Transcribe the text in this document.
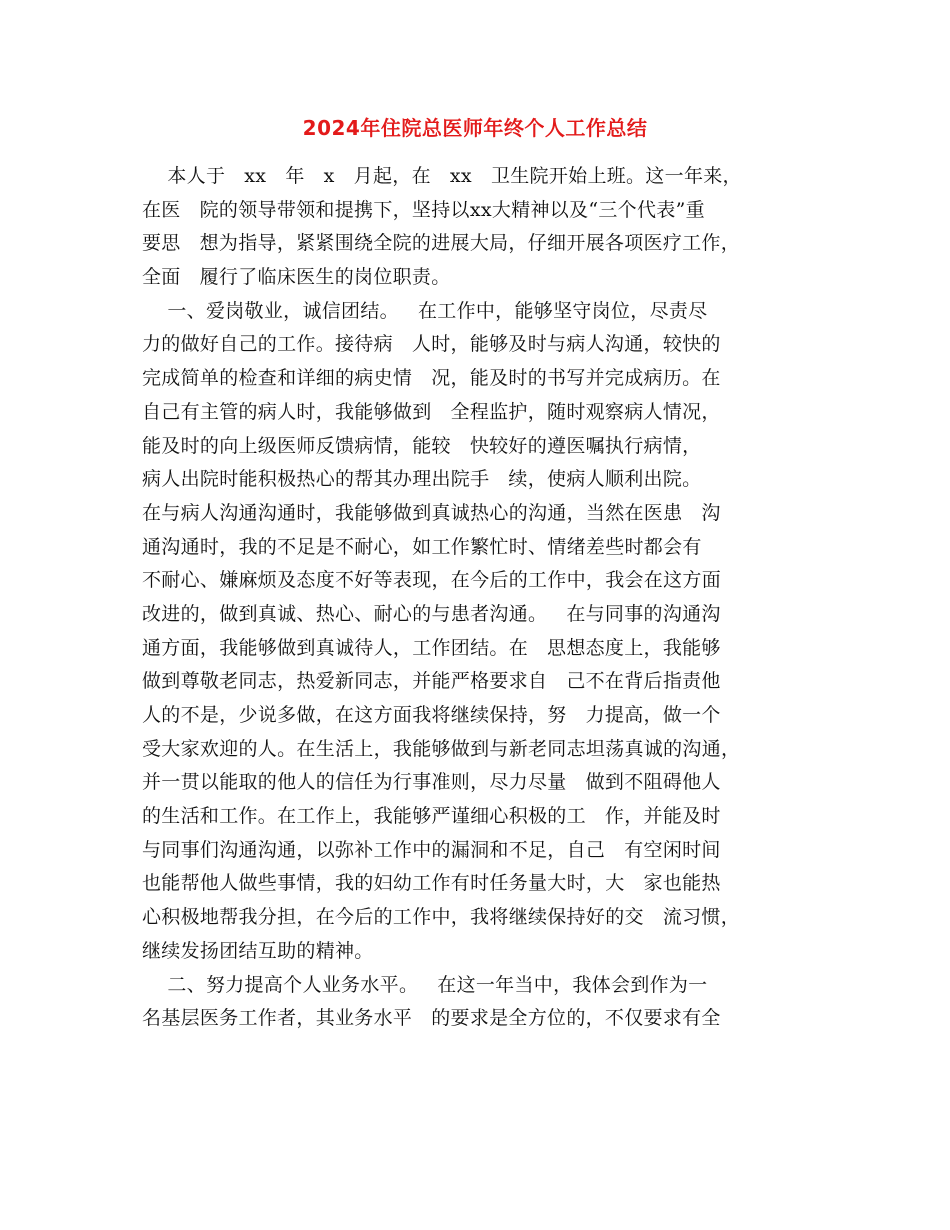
2024年住院总医师年终个人工作总结
本人于   xx   年   x   月起，在   xx   卫生院开始上班。这一年来，
在医   院的领导带领和提携下，坚持以xx大精神以及“三个代表”重
要思   想为指导，紧紧围绕全院的进展大局，仔细开展各项医疗工作，
全面   履行了临床医生的岗位职责。
一、爱岗敬业，诚信团结。   在工作中，能够坚守岗位，尽责尽
力的做好自己的工作。接待病   人时，能够及时与病人沟通，较快的
完成简单的检查和详细的病史情   况，能及时的书写并完成病历。在
自己有主管的病人时，我能够做到   全程监护，随时观察病人情况，
能及时的向上级医师反馈病情，能较   快较好的遵医嘱执行病情，
病人出院时能积极热心的帮其办理出院手   续，使病人顺利出院。
在与病人沟通沟通时，我能够做到真诚热心的沟通，当然在医患   沟
通沟通时，我的不足是不耐心，如工作繁忙时、情绪差些时都会有
不耐心、嫌麻烦及态度不好等表现，在今后的工作中，我会在这方面
改进的，做到真诚、热心、耐心的与患者沟通。   在与同事的沟通沟
通方面，我能够做到真诚待人，工作团结。在   思想态度上，我能够
做到尊敬老同志，热爱新同志，并能严格要求自   己不在背后指责他
人的不是，少说多做，在这方面我将继续保持，努   力提高，做一个
受大家欢迎的人。在生活上，我能够做到与新老同志坦荡真诚的沟通，
并一贯以能取的他人的信任为行事准则，尽力尽量   做到不阻碍他人
的生活和工作。在工作上，我能够严谨细心积极的工   作，并能及时
与同事们沟通沟通，以弥补工作中的漏洞和不足，自己   有空闲时间
也能帮他人做些事情，我的妇幼工作有时任务量大时，大   家也能热
心积极地帮我分担，在今后的工作中，我将继续保持好的交   流习惯，
继续发扬团结互助的精神。
二、努力提高个人业务水平。   在这一年当中，我体会到作为一
名基层医务工作者，其业务水平   的要求是全方位的，不仅要求有全
